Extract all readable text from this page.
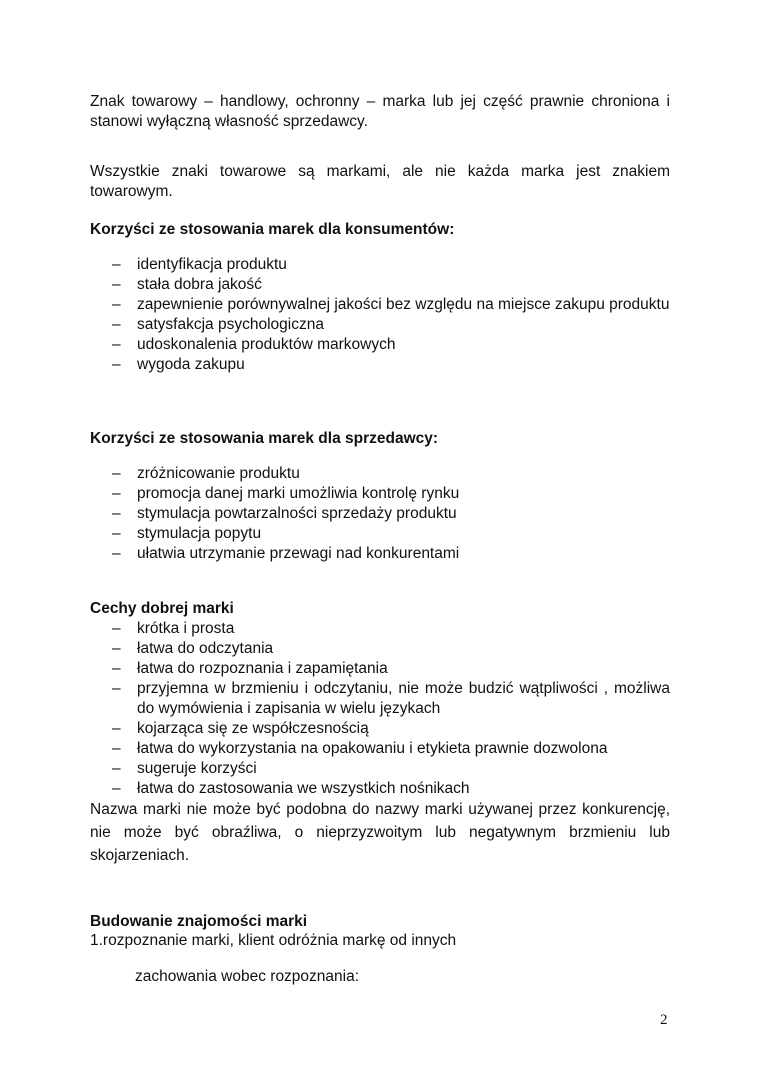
Znak towarowy – handlowy, ochronny – marka lub jej część prawnie chroniona i stanowi wyłączną własność sprzedawcy.
Wszystkie znaki towarowe są markami, ale nie każda marka jest znakiem towarowym.
Korzyści ze stosowania marek dla konsumentów:
– identyfikacja produktu
– stała dobra jakość
– zapewnienie porównywalnej jakości bez względu na miejsce zakupu produktu
– satysfakcja psychologiczna
– udoskonalenia produktów markowych
– wygoda zakupu
Korzyści ze stosowania marek dla sprzedawcy:
– zróżnicowanie produktu
– promocja danej marki umożliwia kontrolę rynku
– stymulacja powtarzalności sprzedaży produktu
– stymulacja popytu
– ułatwia utrzymanie przewagi nad konkurentami
Cechy dobrej marki
– krótka i prosta
– łatwa do odczytania
– łatwa do rozpoznania i zapamiętania
– przyjemna w brzmieniu i odczytaniu, nie może budzić wątpliwości , możliwa do wymówienia i zapisania w wielu językach
– kojarząca się ze współczesnością
– łatwa do wykorzystania na opakowaniu i etykieta prawnie dozwolona
– sugeruje korzyści
– łatwa do zastosowania we wszystkich nośnikach
Nazwa marki nie może być podobna do nazwy marki używanej przez konkurencję, nie może być obraźliwa, o nieprzyzwoitym lub negatywnym brzmieniu lub skojarzeniach.
Budowanie znajomości marki
1.rozpoznanie marki, klient odróżnia markę od innych
zachowania wobec rozpoznania:
2
